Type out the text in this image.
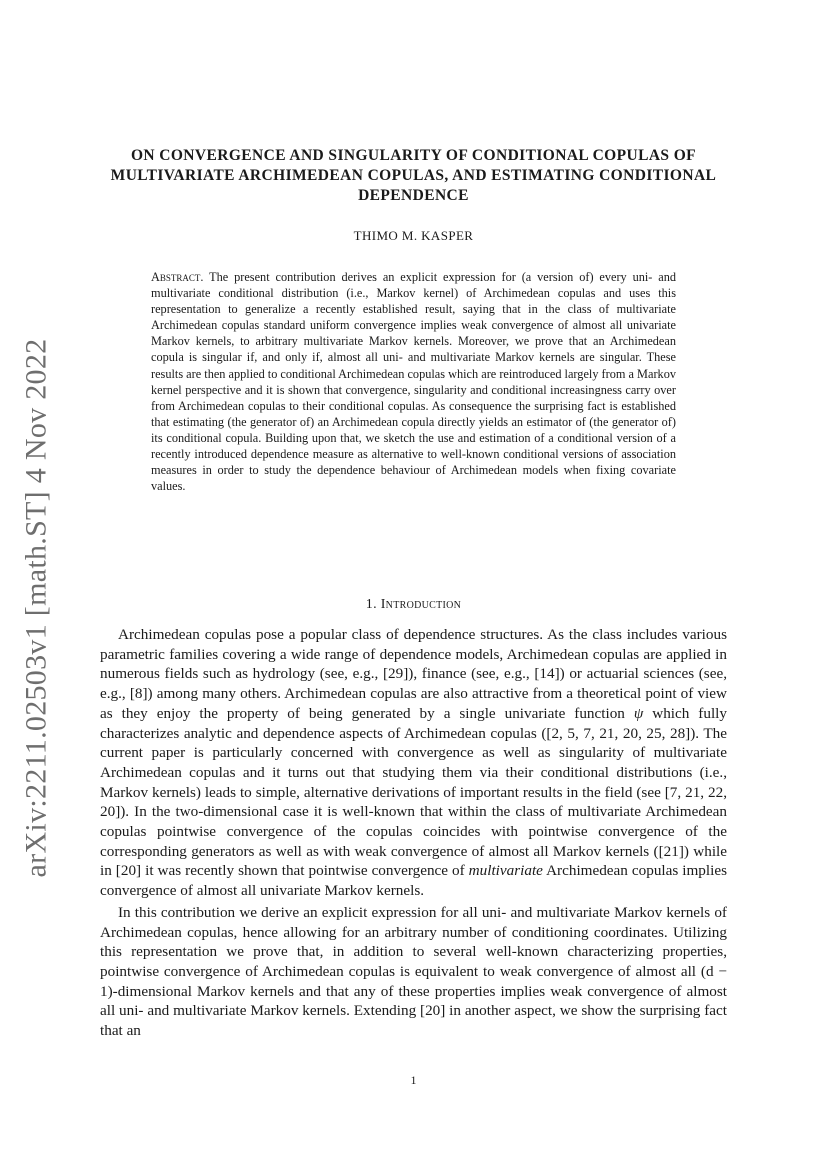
arXiv:2211.02503v1 [math.ST] 4 Nov 2022
ON CONVERGENCE AND SINGULARITY OF CONDITIONAL COPULAS OF MULTIVARIATE ARCHIMEDEAN COPULAS, AND ESTIMATING CONDITIONAL DEPENDENCE
THIMO M. KASPER
Abstract. The present contribution derives an explicit expression for (a version of) every uni- and multivariate conditional distribution (i.e., Markov kernel) of Archimedean copulas and uses this representation to generalize a recently established result, saying that in the class of multivariate Archimedean copulas standard uniform convergence implies weak convergence of almost all univariate Markov kernels, to arbitrary multivariate Markov kernels. Moreover, we prove that an Archimedean copula is singular if, and only if, almost all uni- and multivariate Markov kernels are singular. These results are then applied to conditional Archimedean copulas which are reintroduced largely from a Markov kernel perspective and it is shown that convergence, singularity and conditional increasingness carry over from Archimedean copulas to their conditional copulas. As consequence the surprising fact is established that estimating (the generator of) an Archimedean copula directly yields an estimator of (the generator of) its conditional copula. Building upon that, we sketch the use and estimation of a conditional version of a recently introduced dependence measure as alternative to well-known conditional versions of association measures in order to study the dependence behaviour of Archimedean models when fixing covariate values.
1. Introduction

Archimedean copulas pose a popular class of dependence structures. As the class includes various parametric families covering a wide range of dependence models, Archimedean copulas are applied in numerous fields such as hydrology (see, e.g., [29]), finance (see, e.g., [14]) or actuarial sciences (see, e.g., [8]) among many others. Archimedean copulas are also attractive from a theoretical point of view as they enjoy the property of being generated by a single univariate function ψ which fully characterizes analytic and dependence aspects of Archimedean copulas ([2, 5, 7, 21, 20, 25, 28]). The current paper is particularly concerned with convergence as well as singularity of multivariate Archimedean copulas and it turns out that studying them via their conditional distributions (i.e., Markov kernels) leads to simple, alternative derivations of important results in the field (see [7, 21, 22, 20]). In the two-dimensional case it is well-known that within the class of multivariate Archimedean copulas pointwise convergence of the copulas coincides with pointwise convergence of the corresponding generators as well as with weak convergence of almost all Markov kernels ([21]) while in [20] it was recently shown that pointwise convergence of multivariate Archimedean copulas implies convergence of almost all univariate Markov kernels.

In this contribution we derive an explicit expression for all uni- and multivariate Markov kernels of Archimedean copulas, hence allowing for an arbitrary number of conditioning coordinates. Utilizing this representation we prove that, in addition to several well-known characterizing properties, pointwise convergence of Archimedean copulas is equivalent to weak convergence of almost all (d − 1)-dimensional Markov kernels and that any of these properties implies weak convergence of almost all uni- and multivariate Markov kernels. Extending [20] in another aspect, we show the surprising fact that an

1
